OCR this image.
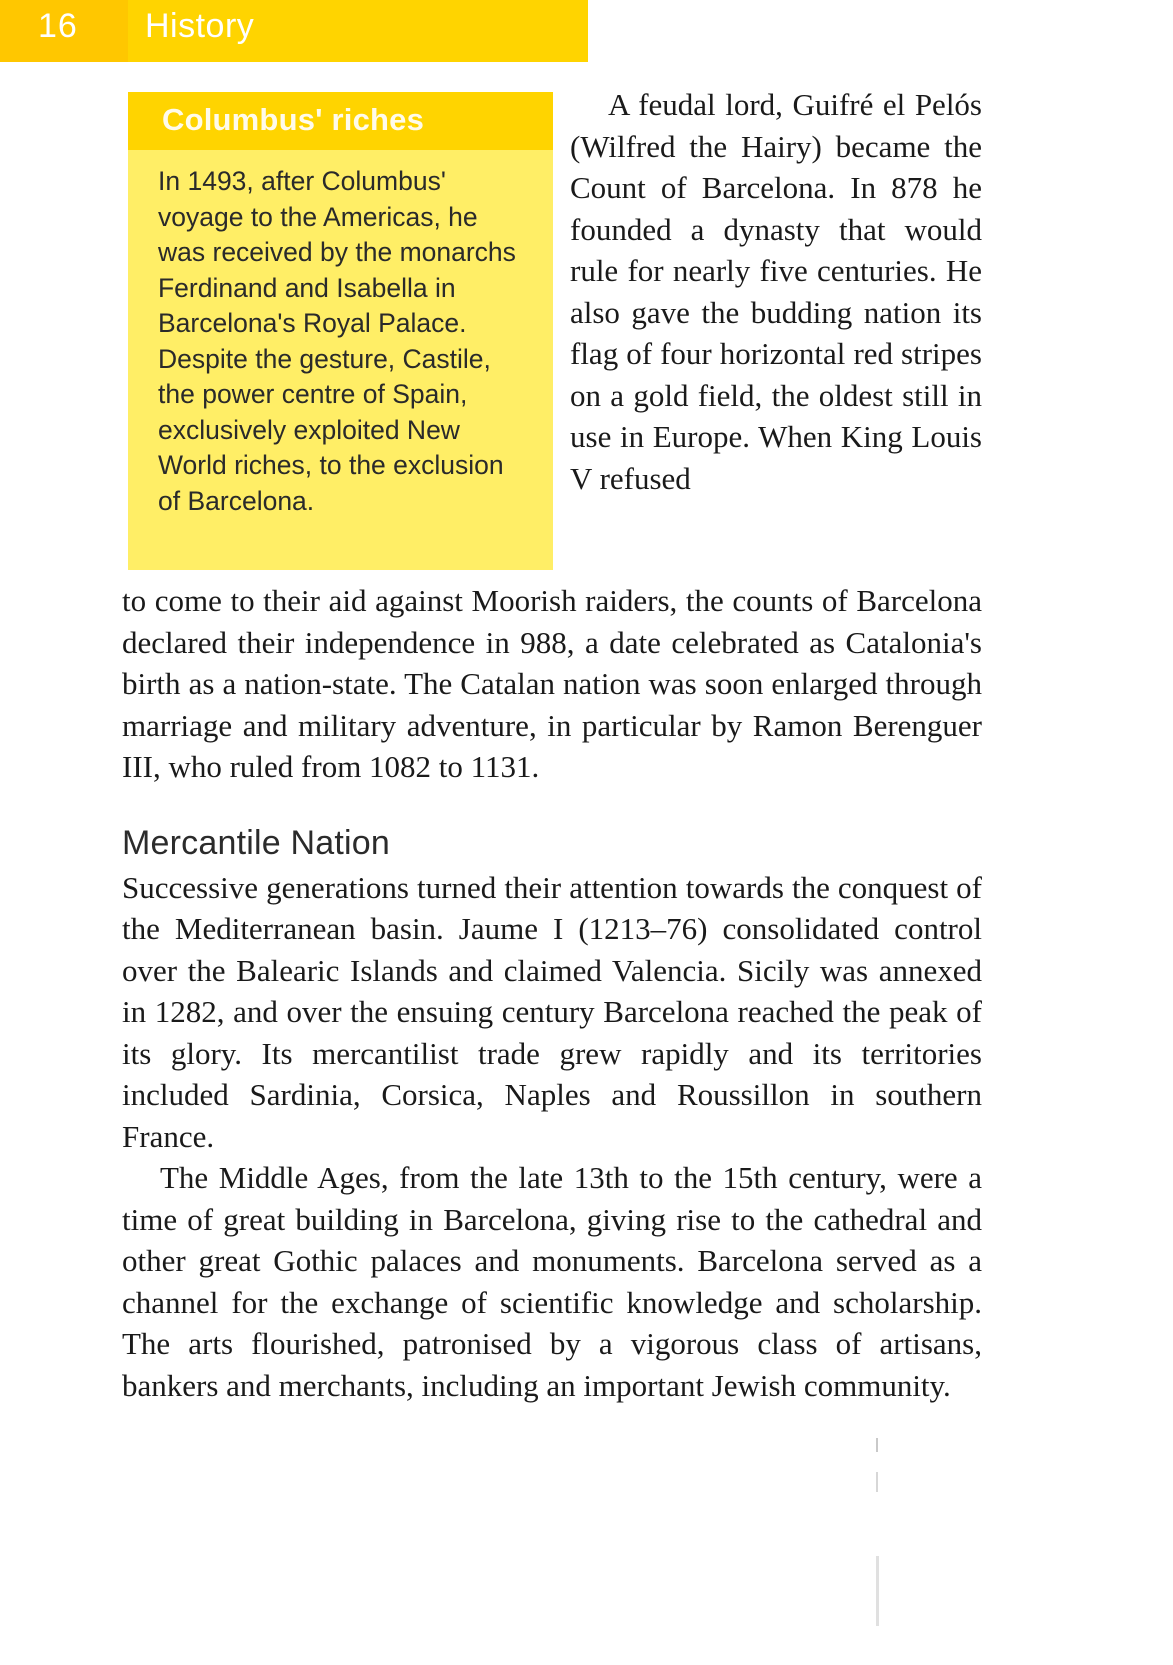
16 History
Columbus' riches
In 1493, after Columbus' voyage to the Americas, he was received by the monarchs Ferdinand and Isabella in Barcelona's Royal Palace. Despite the gesture, Castile, the power centre of Spain, exclusively exploited New World riches, to the exclusion of Barcelona.
A feudal lord, Guifré el Pelós (Wilfred the Hairy) became the Count of Barcelona. In 878 he founded a dynasty that would rule for nearly five centuries. He also gave the budding nation its flag of four horizontal red stripes on a gold field, the oldest still in use in Europe. When King Louis V refused

to come to their aid against Moorish raiders, the counts of Barcelona declared their independence in 988, a date celebrated as Catalonia's birth as a nation-state. The Catalan nation was soon enlarged through marriage and military adventure, in particular by Ramon Berenguer III, who ruled from 1082 to 1131.

Mercantile Nation

Successive generations turned their attention towards the conquest of the Mediterranean basin. Jaume I (1213–76) consolidated control over the Balearic Islands and claimed Valencia. Sicily was annexed in 1282, and over the ensuing century Barcelona reached the peak of its glory. Its mercantilist trade grew rapidly and its territories included Sardinia, Corsica, Naples and Roussillon in southern France.

The Middle Ages, from the late 13th to the 15th century, were a time of great building in Barcelona, giving rise to the cathedral and other great Gothic palaces and monuments. Barcelona served as a channel for the exchange of scientific knowledge and scholarship. The arts flourished, patronised by a vigorous class of artisans, bankers and merchants, including an important Jewish community.
